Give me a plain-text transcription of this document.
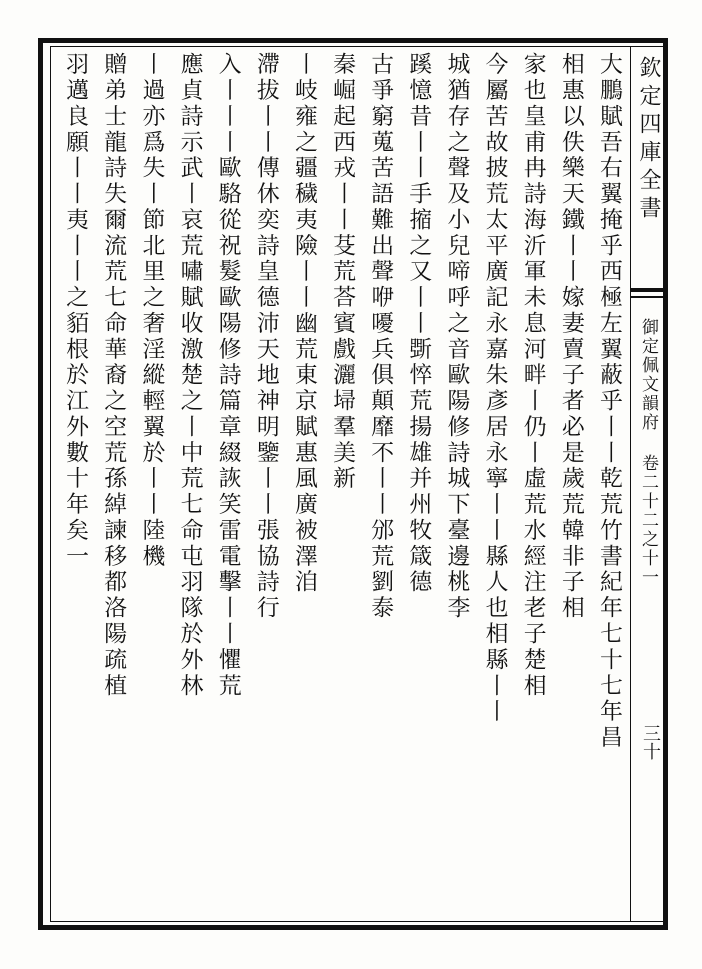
欽定四庫全書
御定佩文韻府 卷二十二之十一
三十
大鵬賦吾右翼掩乎西極左翼蔽乎丨丨乾荒竹書紀年七十七年昌
相惠以佚樂天鐵丨丨嫁妻賣子者必是歲荒韓非子相
家也皇甫冉詩海沂軍未息河畔丨仍丨虛荒水經注老子楚相
今屬苦故披荒太平廣記永嘉朱彥居永寧丨丨縣人也相縣丨丨
城猶存之聲及小兒啼呼之音歐陽修詩城下臺邊桃李
蹊憶昔丨丨手摍之又丨丨斲悴荒揚雄并州牧箴德
古爭窮蒐苦語難出聲咿嚘兵俱顛靡不丨丨邠荒劉泰
秦崛起西戎丨丨芟荒荅賓戲灑埽羣美新
丨岐雍之疆穢夷險丨丨幽荒東京賦惠風廣被澤洎
滯拔丨丨傳休奕詩皇德沛天地神明鑒丨丨張協詩行
入丨丨丨歐駱從祝髮歐陽修詩篇章綴詼笑雷電擊丨丨懼荒
應貞詩示武丨哀荒嘯賦收激楚之丨中荒七命屯羽隊於外林
丨過亦爲失丨節北里之奢淫縱輕翼於丨丨陸機
贈弟士龍詩失爾流荒七命華裔之空荒孫綽諫移都洛陽疏植
羽邁良願丨丨夷丨丨之貊根於江外數十年矣一
